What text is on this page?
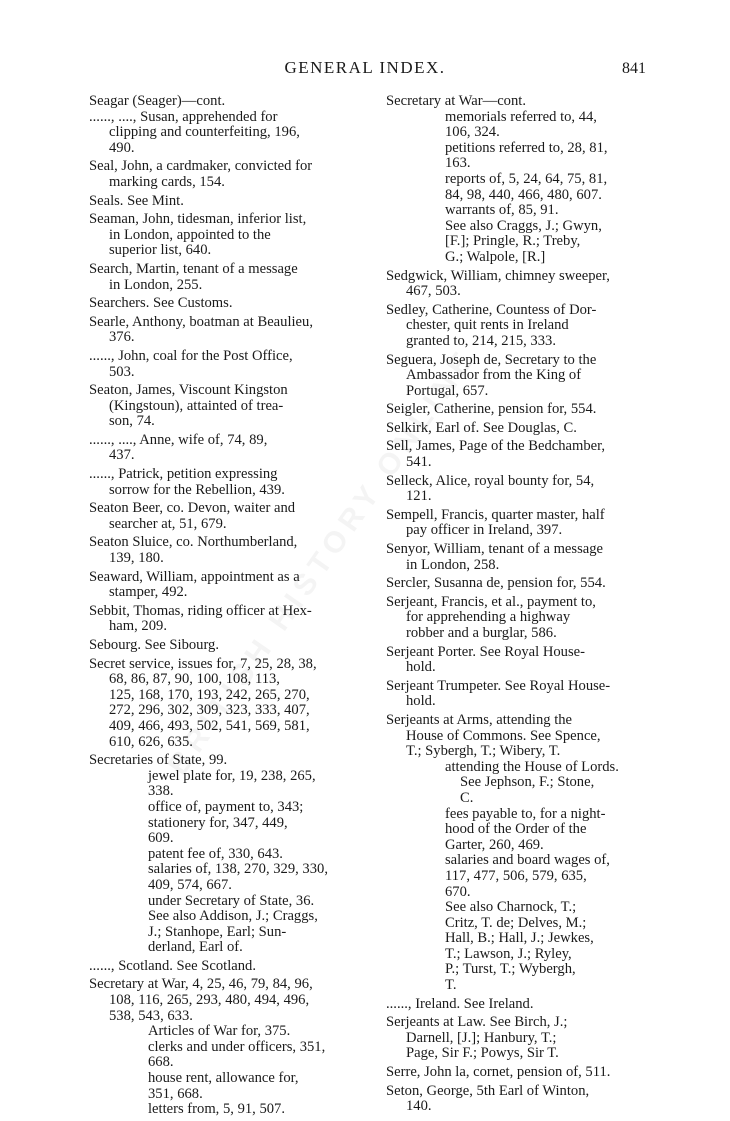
GENERAL INDEX.	841
Seagar (Seager)—cont.
......, ...., Susan, apprehended for
clipping and counterfeiting, 196,
490.
Seal, John, a cardmaker, convicted for
marking cards, 154.
Seals. See Mint.
Seaman, John, tidesman, inferior list,
in London, appointed to the
superior list, 640.
Search, Martin, tenant of a message
in London, 255.
Searchers. See Customs.
Searle, Anthony, boatman at Beaulieu,
376.
......, John, coal for the Post Office,
503.
Seaton, James, Viscount Kingston
(Kingstoun), attainted of trea-
son, 74.
......, ...., Anne, wife of, 74, 89,
437.
......, Patrick, petition expressing
sorrow for the Rebellion, 439.
Seaton Beer, co. Devon, waiter and
searcher at, 51, 679.
Seaton Sluice, co. Northumberland,
139, 180.
Seaward, William, appointment as a
stamper, 492.
Sebbit, Thomas, riding officer at Hex-
ham, 209.
Sebourg. See Sibourg.
Secret service, issues for, 7, 25, 28, 38,
68, 86, 87, 90, 100, 108, 113,
125, 168, 170, 193, 242, 265, 270,
272, 296, 302, 309, 323, 333, 407,
409, 466, 493, 502, 541, 569, 581,
610, 626, 635.
Secretaries of State, 99.
jewel plate for, 19, 238, 265,
338.
office of, payment to, 343;
stationery for, 347, 449,
609.
patent fee of, 330, 643.
salaries of, 138, 270, 329, 330,
409, 574, 667.
under Secretary of State, 36.
See also Addison, J.; Craggs,
J.; Stanhope, Earl; Sun-
derland, Earl of.
......, Scotland. See Scotland.
Secretary at War, 4, 25, 46, 79, 84, 96,
108, 116, 265, 293, 480, 494, 496,
538, 543, 633.
Articles of War for, 375.
clerks and under officers, 351,
668.
house rent, allowance for,
351, 668.
letters from, 5, 91, 507.
Secretary at War—cont.
memorials referred to, 44,
106, 324.
petitions referred to, 28, 81,
163.
reports of, 5, 24, 64, 75, 81,
84, 98, 440, 466, 480, 607.
warrants of, 85, 91.
See also Craggs, J.; Gwyn,
[F.]; Pringle, R.; Treby,
G.; Walpole, [R.]
Sedgwick, William, chimney sweeper,
467, 503.
Sedley, Catherine, Countess of Dor-
chester, quit rents in Ireland
granted to, 214, 215, 333.
Seguera, Joseph de, Secretary to the
Ambassador from the King of
Portugal, 657.
Seigler, Catherine, pension for, 554.
Selkirk, Earl of. See Douglas, C.
Sell, James, Page of the Bedchamber,
541.
Selleck, Alice, royal bounty for, 54,
121.
Sempell, Francis, quarter master, half
pay officer in Ireland, 397.
Senyor, William, tenant of a message
in London, 258.
Sercler, Susanna de, pension for, 554.
Serjeant, Francis, et al., payment to,
for apprehending a highway
robber and a burglar, 586.
Serjeant Porter. See Royal House-
hold.
Serjeant Trumpeter. See Royal House-
hold.
Serjeants at Arms, attending the
House of Commons. See Spence,
T.; Sybergh, T.; Wibery, T.
attending the House of Lords.
See Jephson, F.; Stone,
C.
fees payable to, for a night-
hood of the Order of the
Garter, 260, 469.
salaries and board wages of,
117, 477, 506, 579, 635,
670.
See also Charnock, T.;
Critz, T. de; Delves, M.;
Hall, B.; Hall, J.; Jewkes,
T.; Lawson, J.; Ryley,
P.; Turst, T.; Wybergh,
T.
......, Ireland. See Ireland.
Serjeants at Law. See Birch, J.;
Darnell, [J.]; Hanbury, T.;
Page, Sir F.; Powys, Sir T.
Serre, John la, cornet, pension of, 511.
Seton, George, 5th Earl of Winton,
140.
